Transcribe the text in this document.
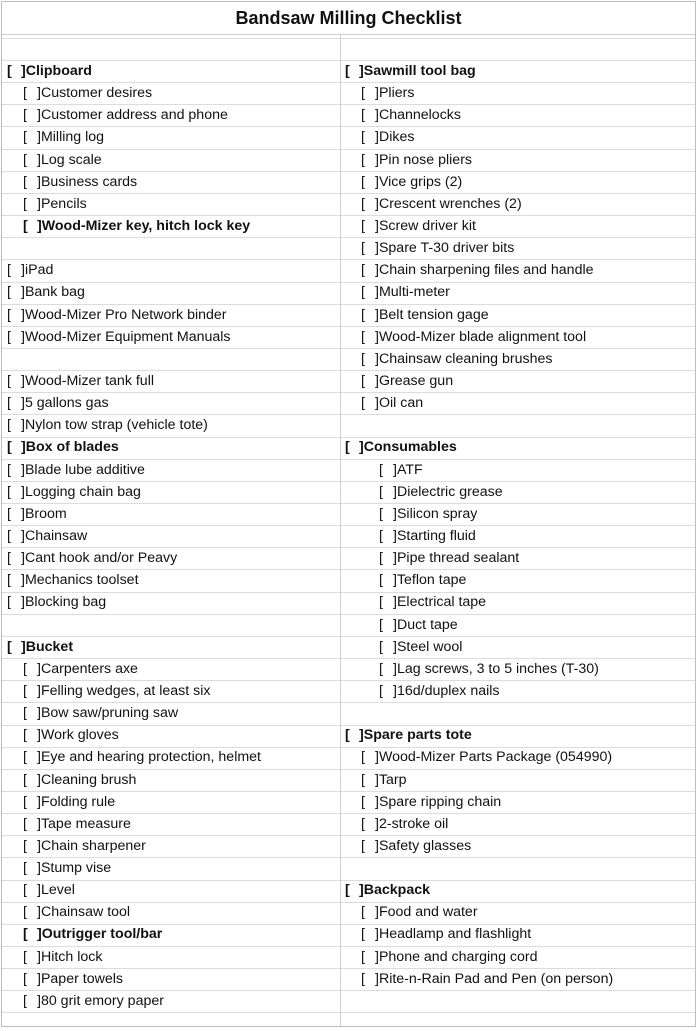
Bandsaw Milling Checklist
[ ]Clipboard
[ ]Customer desires
[ ]Customer address and phone
[ ]Milling log
[ ]Log scale
[ ]Business cards
[ ]Pencils
[ ]Wood-Mizer key, hitch lock key
[ ]iPad
[ ]Bank bag
[ ]Wood-Mizer Pro Network binder
[ ]Wood-Mizer Equipment Manuals
[ ]Wood-Mizer tank full
[ ]5 gallons gas
[ ]Nylon tow strap (vehicle tote)
[ ]Box of blades
[ ]Blade lube additive
[ ]Logging chain bag
[ ]Broom
[ ]Chainsaw
[ ]Cant hook and/or Peavy
[ ]Mechanics toolset
[ ]Blocking bag
[ ]Bucket
[ ]Carpenters axe
[ ]Felling wedges, at least six
[ ]Bow saw/pruning saw
[ ]Work gloves
[ ]Eye and hearing protection, helmet
[ ]Cleaning brush
[ ]Folding rule
[ ]Tape measure
[ ]Chain sharpener
[ ]Stump vise
[ ]Level
[ ]Chainsaw tool
[ ]Outrigger tool/bar
[ ]Hitch lock
[ ]Paper towels
[ ]80 grit emory paper
[ ]Sawmill tool bag
[ ]Pliers
[ ]Channelocks
[ ]Dikes
[ ]Pin nose pliers
[ ]Vice grips (2)
[ ]Crescent wrenches (2)
[ ]Screw driver kit
[ ]Spare T-30 driver bits
[ ]Chain sharpening files and handle
[ ]Multi-meter
[ ]Belt tension gage
[ ]Wood-Mizer blade alignment tool
[ ]Chainsaw cleaning brushes
[ ]Grease gun
[ ]Oil can
[ ]Consumables
[ ]ATF
[ ]Dielectric grease
[ ]Silicon spray
[ ]Starting fluid
[ ]Pipe thread sealant
[ ]Teflon tape
[ ]Electrical tape
[ ]Duct tape
[ ]Steel wool
[ ]Lag screws, 3 to 5 inches (T-30)
[ ]16d/duplex nails
[ ]Spare parts tote
[ ]Wood-Mizer Parts Package (054990)
[ ]Tarp
[ ]Spare ripping chain
[ ]2-stroke oil
[ ]Safety glasses
[ ]Backpack
[ ]Food and water
[ ]Headlamp and flashlight
[ ]Phone and charging cord
[ ]Rite-n-Rain Pad and Pen (on person)
